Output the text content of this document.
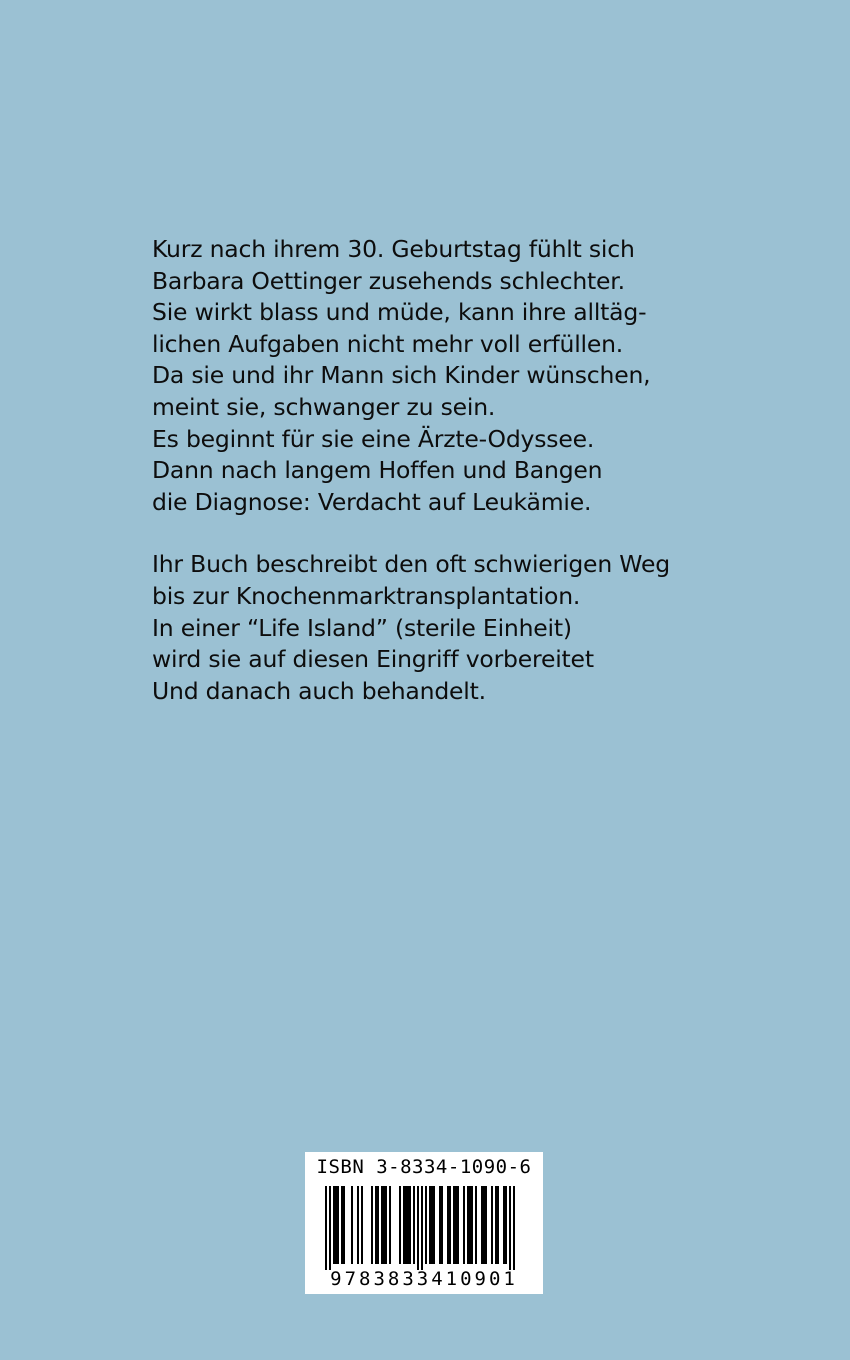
Kurz nach ihrem 30. Geburtstag fühlt sich
Barbara Oettinger zusehends schlechter.
Sie wirkt blass und müde, kann ihre alltäg-
lichen Aufgaben nicht mehr voll erfüllen.
Da sie und ihr Mann sich Kinder wünschen,
meint sie, schwanger zu sein.
Es beginnt für sie eine Ärzte-Odyssee.
Dann nach langem Hoffen und Bangen
die Diagnose: Verdacht auf Leukämie.

Ihr Buch beschreibt den oft schwierigen Weg
bis zur Knochenmarktransplantation.
In einer “Life Island” (sterile Einheit)
wird sie auf diesen Eingriff vorbereitet
Und danach auch behandelt.

ISBN 3-8334-1090-6
9783833410901
